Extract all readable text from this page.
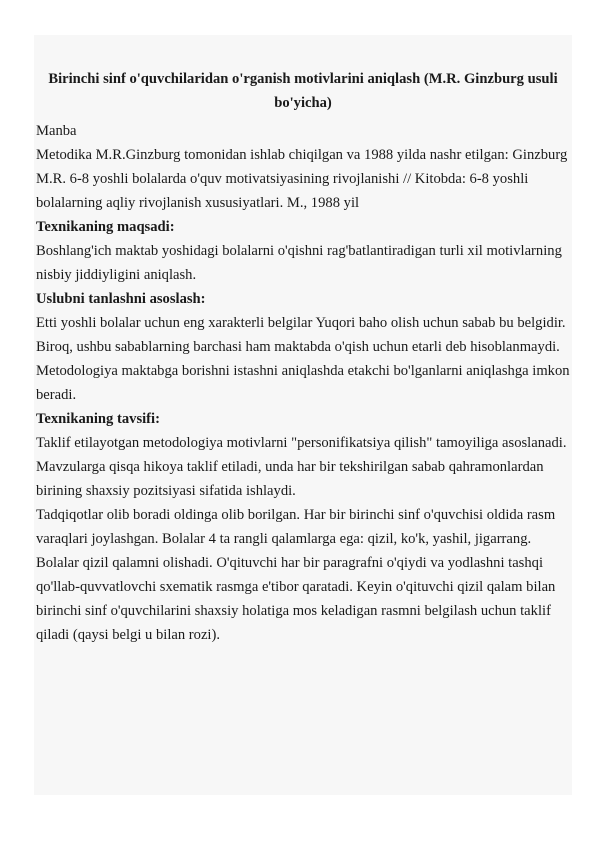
Birinchi sinf o'quvchilaridan o'rganish motivlarini aniqlash (M.R. Ginzburg usuli bo'yicha)

Manba

Metodika M.R.Ginzburg tomonidan ishlab chiqilgan va 1988 yilda nashr etilgan: Ginzburg M.R. 6-8 yoshli bolalarda o'quv motivatsiyasining rivojlanishi // Kitobda: 6-8 yoshli bolalarning aqliy rivojlanish xususiyatlari. M., 1988 yil

Texnikaning maqsadi:

Boshlang'ich maktab yoshidagi bolalarni o'qishni rag'batlantiradigan turli xil motivlarning nisbiy jiddiyligini aniqlash.

Uslubni tanlashni asoslash:

Etti yoshli bolalar uchun eng xarakterli belgilar Yuqori baho olish uchun sabab bu belgidir.

Biroq, ushbu sabablarning barchasi ham maktabda o'qish uchun etarli deb hisoblanmaydi. Metodologiya maktabga borishni istashni aniqlashda etakchi bo'lganlarni aniqlashga imkon beradi.

Texnikaning tavsifi:

Taklif etilayotgan metodologiya motivlarni "personifikatsiya qilish" tamoyiliga asoslanadi. Mavzularga qisqa hikoya taklif etiladi, unda har bir tekshirilgan sabab qahramonlardan birining shaxsiy pozitsiyasi sifatida ishlaydi.

Tadqiqotlar olib boradi oldinga olib borilgan. Har bir birinchi sinf o'quvchisi oldida rasm varaqlari joylashgan. Bolalar 4 ta rangli qalamlarga ega: qizil, ko'k, yashil, jigarrang. Bolalar qizil qalamni olishadi. O'qituvchi har bir paragrafni o'qiydi va yodlashni tashqi qo'llab-quvvatlovchi sxematik rasmga e'tibor qaratadi. Keyin o'qituvchi qizil qalam bilan birinchi sinf o'quvchilarini shaxsiy holatiga mos keladigan rasmni belgilash uchun taklif qiladi (qaysi belgi u bilan rozi).
